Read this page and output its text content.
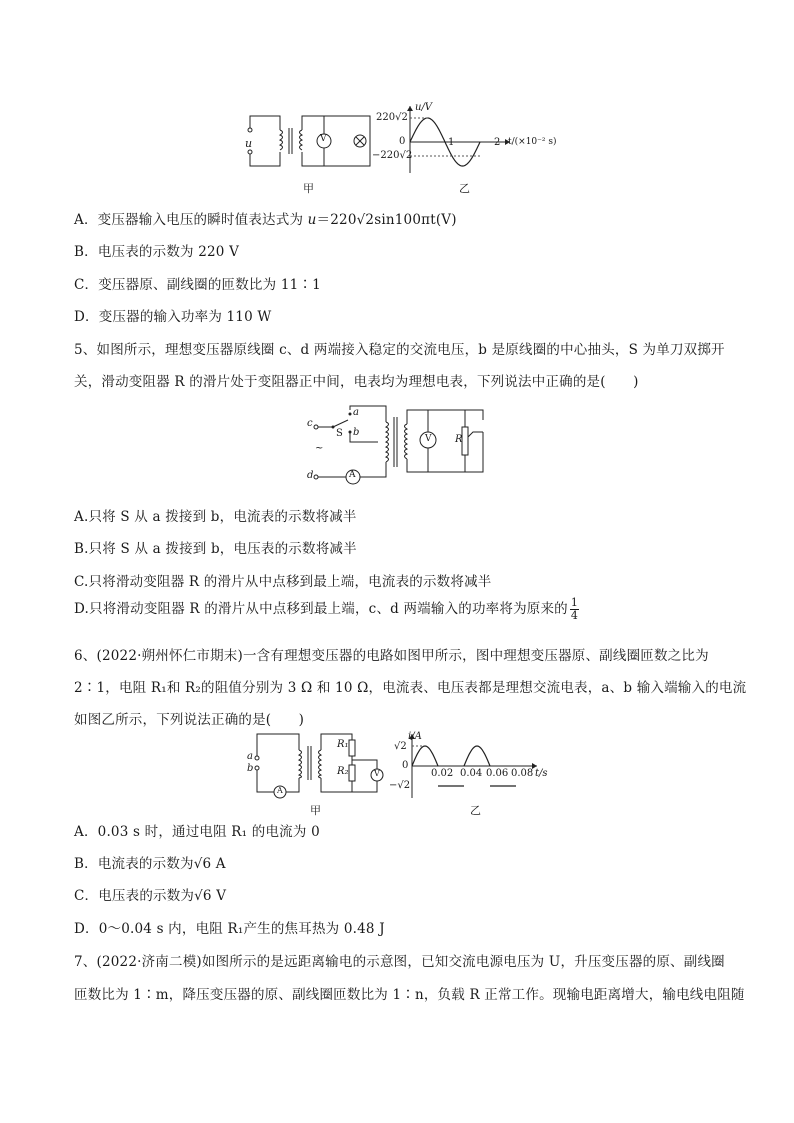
u	V
甲
u/V
220√2
0
−220√2
1	2 t/(×10⁻² s)
乙
A．变压器输入电压的瞬时值表达式为 u＝220√2sin100πt(V)
B．电压表的示数为 220 V
C．变压器原、副线圈的匝数比为 11∶1
D．变压器的输入功率为 110 W
5、如图所示，理想变压器原线圈 c、d 两端接入稳定的交流电压，b 是原线圈的中心抽头，S 为单刀双掷开
关，滑动变阻器 R 的滑片处于变阻器正中间，电表均为理想电表，下列说法中正确的是(　　)
c
d
~
a
b
S
A
V R
A.只将 S 从 a 拨接到 b，电流表的示数将减半
B.只将 S 从 a 拨接到 b，电压表的示数将减半
C.只将滑动变阻器 R 的滑片从中点移到最上端，电流表的示数将减半
D.只将滑动变阻器 R 的滑片从中点移到最上端，c、d 两端输入的功率将为原来的 $\frac{1}{4}$
6、(2022·朔州怀仁市期末)一含有理想变压器的电路如图甲所示，图中理想变压器原、副线圈匝数之比为
2∶1，电阻 R₁和 R₂的阻值分别为 3 Ω 和 10 Ω，电流表、电压表都是理想交流电表，a、b 输入端输入的电流
如图乙所示，下列说法正确的是(　　)
a
b
A
R₁
R₂	V
甲
i/A
√2
0
−√2
0.02 0.04 0.06 0.08 t/s
乙
A．0.03 s 时，通过电阻 R₁ 的电流为 0
B．电流表的示数为√6 A
C．电压表的示数为√6 V
D．0～0.04 s 内，电阻 R₁产生的焦耳热为 0.48 J
7、(2022·济南二模)如图所示的是远距离输电的示意图，已知交流电源电压为 U，升压变压器的原、副线圈
匝数比为 1∶m，降压变压器的原、副线圈匝数比为 1∶n，负载 R 正常工作。现输电距离增大，输电线电阻随
